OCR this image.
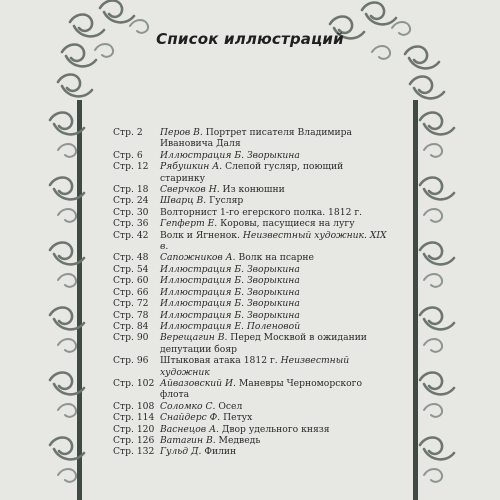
Список иллюстраций
Стр. 2	Перов В. Портрет писателя Владимира Ивановича Даля
Стр. 6	Иллюстрация Б. Зворыкина
Стр. 12	Рябушкин А. Слепой гусляр, поющий старинку
Стр. 18	Сверчков Н. Из конюшни
Стр. 24	Шварц В. Гусляр
Стр. 30	Волторнист 1-го егерского полка. 1812 г.
Стр. 36	Гепферт Е. Коровы, пасущиеся на лугу
Стр. 42	Волк и Ягненок. Неизвестный художник. XIX в.
Стр. 48	Сапожников А. Волк на псарне
Стр. 54	Иллюстрация Б. Зворыкина
Стр. 60	Иллюстрация Б. Зворыкина
Стр. 66	Иллюстрация Б. Зворыкина
Стр. 72	Иллюстрация Б. Зворыкина
Стр. 78	Иллюстрация Б. Зворыкина
Стр. 84	Иллюстрация Е. Поленовой
Стр. 90	Верещагин В. Перед Москвой в ожидании депутации бояр
Стр. 96	Штыковая атака 1812 г. Неизвестный художник
Стр. 102 Айвазовский И. Маневры Черноморского флота
Стр. 108 Соломко С. Осел
Стр. 114 Снайдерс Ф. Петух
Стр. 120 Васнецов А. Двор удельного князя
Стр. 126 Ватагин В. Медведь
Стр. 132 Гульд Д. Филин
